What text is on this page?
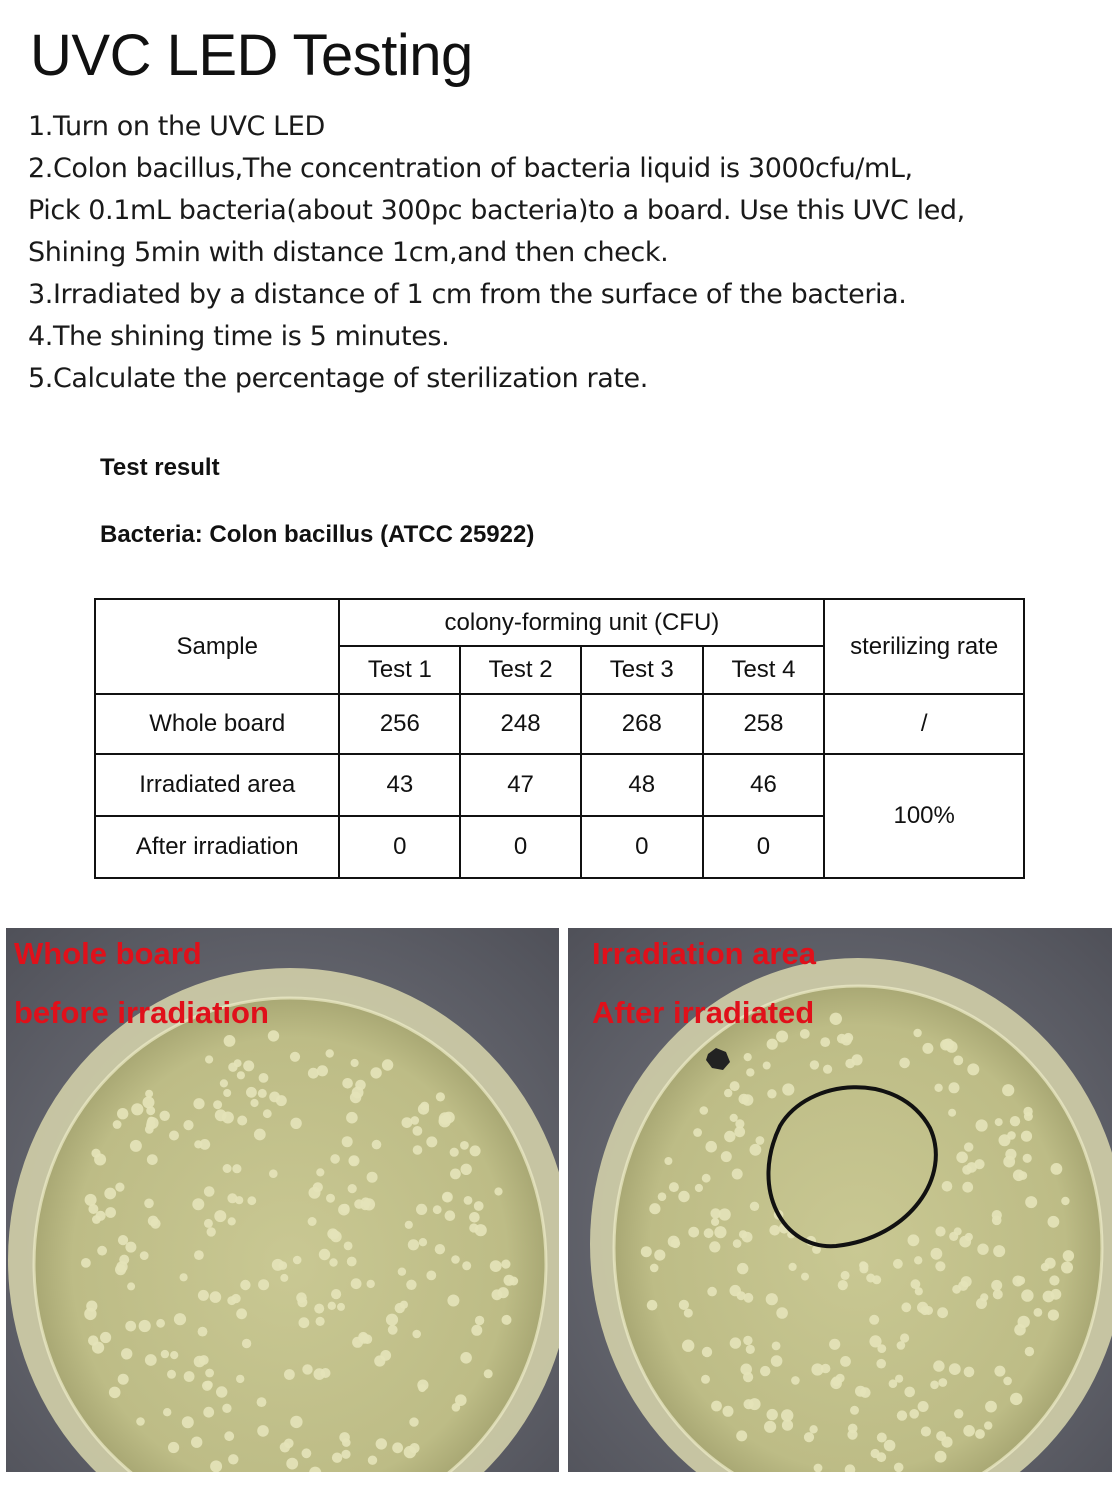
UVC LED Testing
1.Turn on the UVC LED
2.Colon bacillus,The concentration of bacteria liquid is 3000cfu/mL,
Pick 0.1mL bacteria(about 300pc bacteria)to a board. Use this UVC led,
Shining 5min with distance 1cm,and then check.
3.Irradiated by a distance of 1 cm from the surface of the bacteria.
4.The shining time is 5 minutes.
5.Calculate the percentage of sterilization rate.
Test result
Bacteria: Colon bacillus (ATCC 25922)
Sample	colony-forming unit (CFU)				sterilizing rate
	Test 1	Test 2	Test 3	Test 4	
Whole board	256	248	268	258	/
Irradiated area	43	47	48	46	100%
After irradiation	0	0	0	0	
Whole board
before irradiation
Irradiation area
After irradiated
